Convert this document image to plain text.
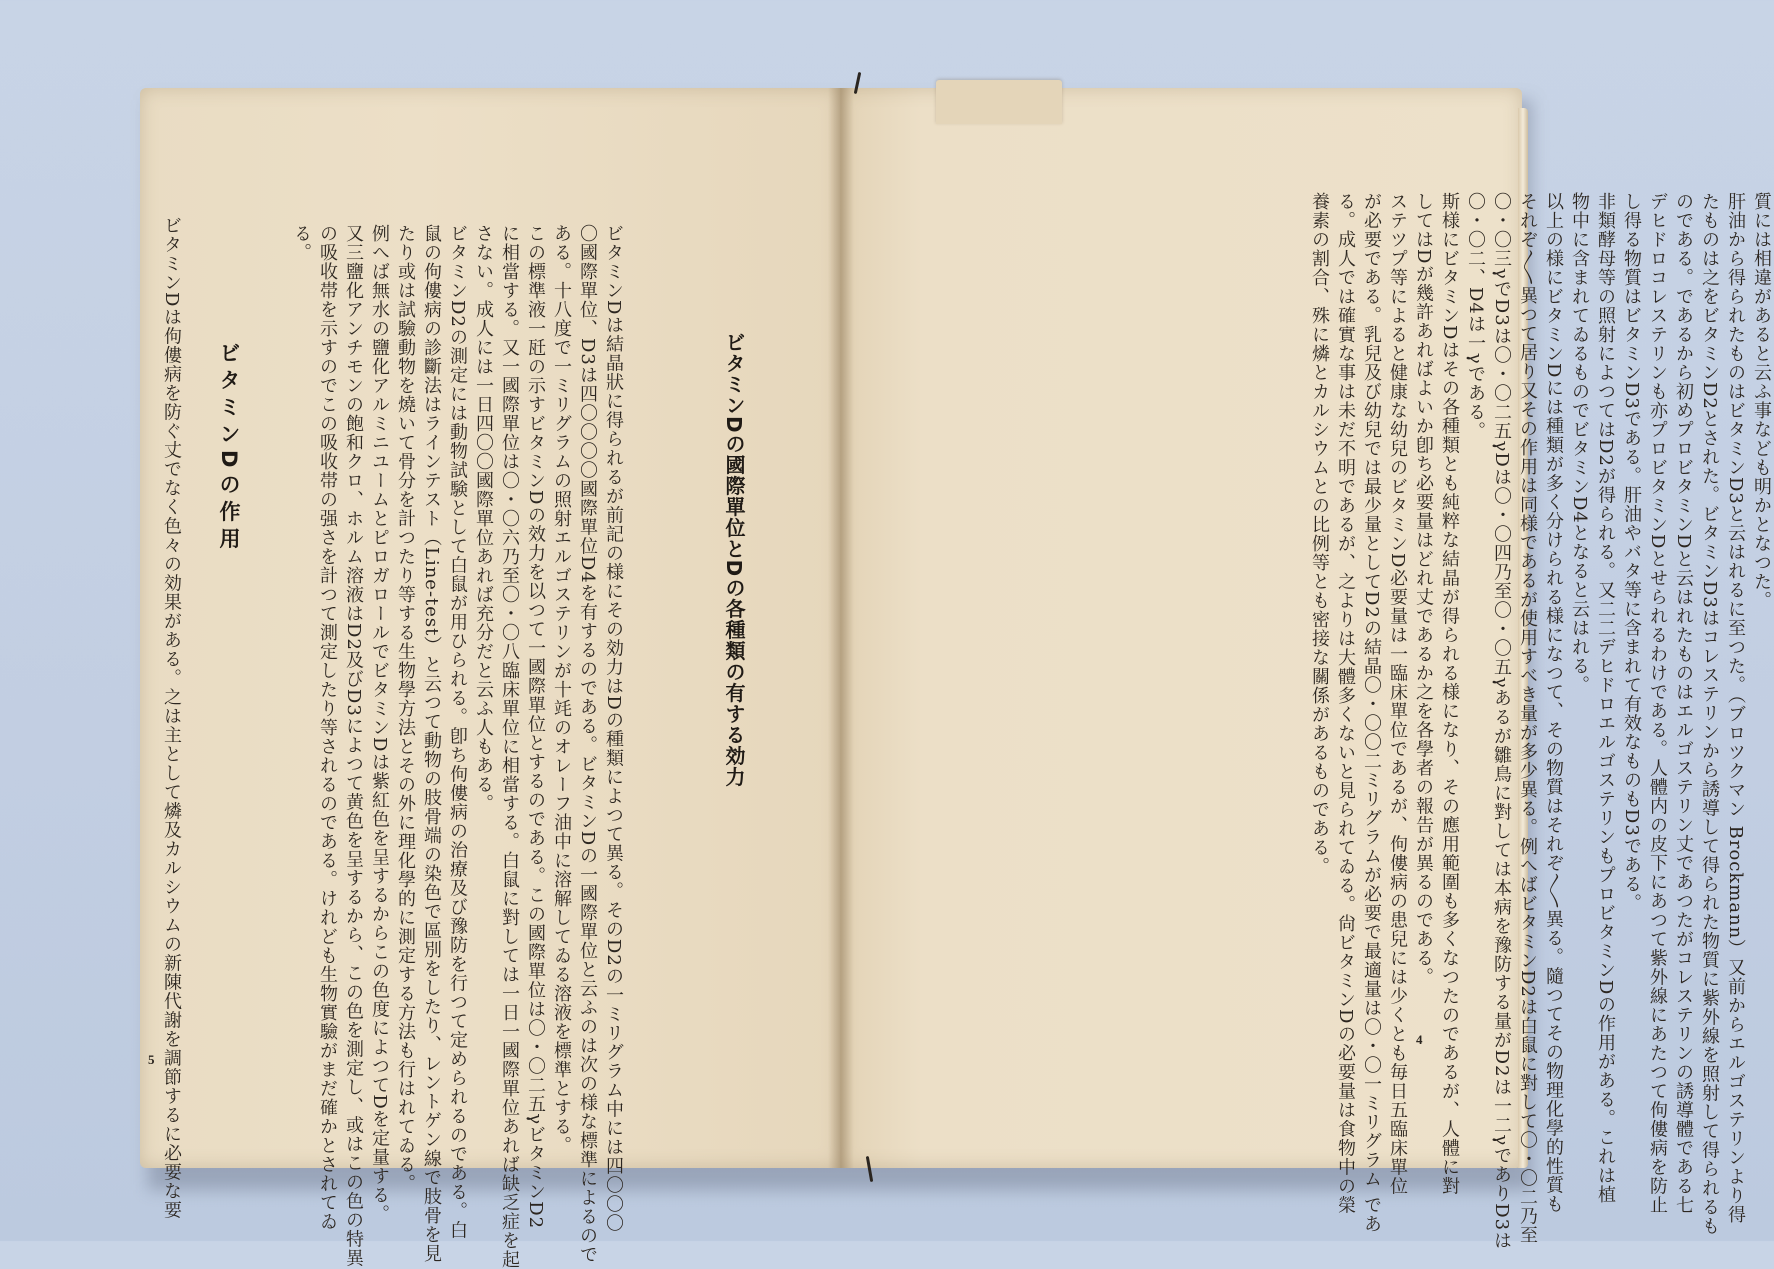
質には相違があると云ふ事なども明かとなつた。
肝油から得られたものはビタミンD3と云はれるに至つた。（ブロツクマン Brockmann）又前からエルゴステリンより得
たものは之をビタミンD2とされた。ビタミンD3はコレステリンから誘導して得られた物質に紫外線を照射して得られるも
のである。であるから初めプロビタミンDと云はれたものはエルゴステリン丈であつたがコレステリンの誘導體である七
デヒドロコレステリンも亦プロビタミンDとせられるわけである。人體内の皮下にあつて紫外線にあたつて佝僂病を防止
し得る物質はビタミンD3である。肝油やバタ等に含まれて有效なものもD3である。
非類酵母等の照射によつてはD2が得られる。又二二デヒドロエルゴステリンもプロビタミンDの作用がある。これは植
物中に含まれてゐるものでビタミンD4となると云はれる。
以上の様にビタミンDには種類が多く分けられる様になつて、その物質はそれぞ〳〵異る。隨つてその物理化學的性質も
それぞ〳〵異つて居り又その作用は同様であるが使用すべき量が多少異る。例へばビタミンD2は白鼠に對して〇・〇二乃至
〇・〇三γでD3は〇・〇二五γDは〇・〇四乃至〇・〇五γあるが雛鳥に對しては本病を豫防する量がD2は一二γでありD3は
〇・〇二、D4は一γである。
斯様にビタミンDはその各種類とも純粹な結晶が得られる様になり、その應用範圍も多くなつたのであるが、人體に對
してはDが幾許あればよいか卽ち必要量はどれ丈であるか之を各學者の報告が異るのである。
ステツプ等によると健康な幼兒のビタミンD必要量は一臨床單位であるが、佝僂病の患兒には少くとも毎日五臨床單位
が必要である。乳兒及び幼兒では最少量としてD2の結晶〇・〇〇二ミリグラムが必要で最適量は〇・〇一ミリグラム であ
る。成人では確實な事は未だ不明であるが、之よりは大體多くないと見られてゐる。尙ビタミンDの必要量は食物中の榮
養素の割合、殊に燐とカルシウムとの比例等とも密接な關係があるものである。
4
ビタミンDの國際單位とDの各種類の有する効力
ビタミンDは結晶狀に得られるが前記の様にその効力はDの種類によつて異る。そのD2の一ミリグラム中には四〇〇〇
〇國際單位、D3は四〇〇〇〇國際單位D4を有するのである。ビタミンDの一國際單位と云ふのは次の様な標準によるので
ある。十八度で一ミリグラムの照射エルゴステリンが十竓のオレーフ油中に溶解してゐる溶液を標準とする。
この標準液一瓩の示すビタミンDの效力を以つて一國際單位とするのである。この國際單位は〇・〇二五γビタミンD2
に相當する。又一國際單位は〇・〇六乃至〇・〇八臨床單位に相當する。白鼠に對しては一日一國際單位あれば缺乏症を起
さない。成人には一日四〇〇國際單位あれば充分だと云ふ人もある。
ビタミンD2の測定には動物試験として白鼠が用ひられる。卽ち佝僂病の治療及び豫防を行つて定められるのである。白
鼠の佝僂病の診斷法はラインテスト（Line-test）と云つて動物の肢骨端の染色で區別をしたり、レントゲン線で肢骨を見
たり或は試驗動物を燒いて骨分を計つたり等する生物學方法とその外に理化學的に測定する方法も行はれてゐる。
例へば無水の鹽化アルミニユームとピロガロールでビタミンDは紫紅色を呈するからこの色度によつてDを定量する。
又三鹽化アンチモンの飽和クロ、ホルム溶液はD2及びD3によつて黄色を呈するから、この色を測定し、或はこの色の特異
の吸收帯を示すのでこの吸收帯の强さを計つて測定したり等されるのである。けれども生物實驗がまだ確かとされてゐ
る。
ビタミンDの作用
ビタミンDは佝僂病を防ぐ丈でなく色々の効果がある。之は主として燐及カルシウムの新陳代謝を調節するに必要な要
5
